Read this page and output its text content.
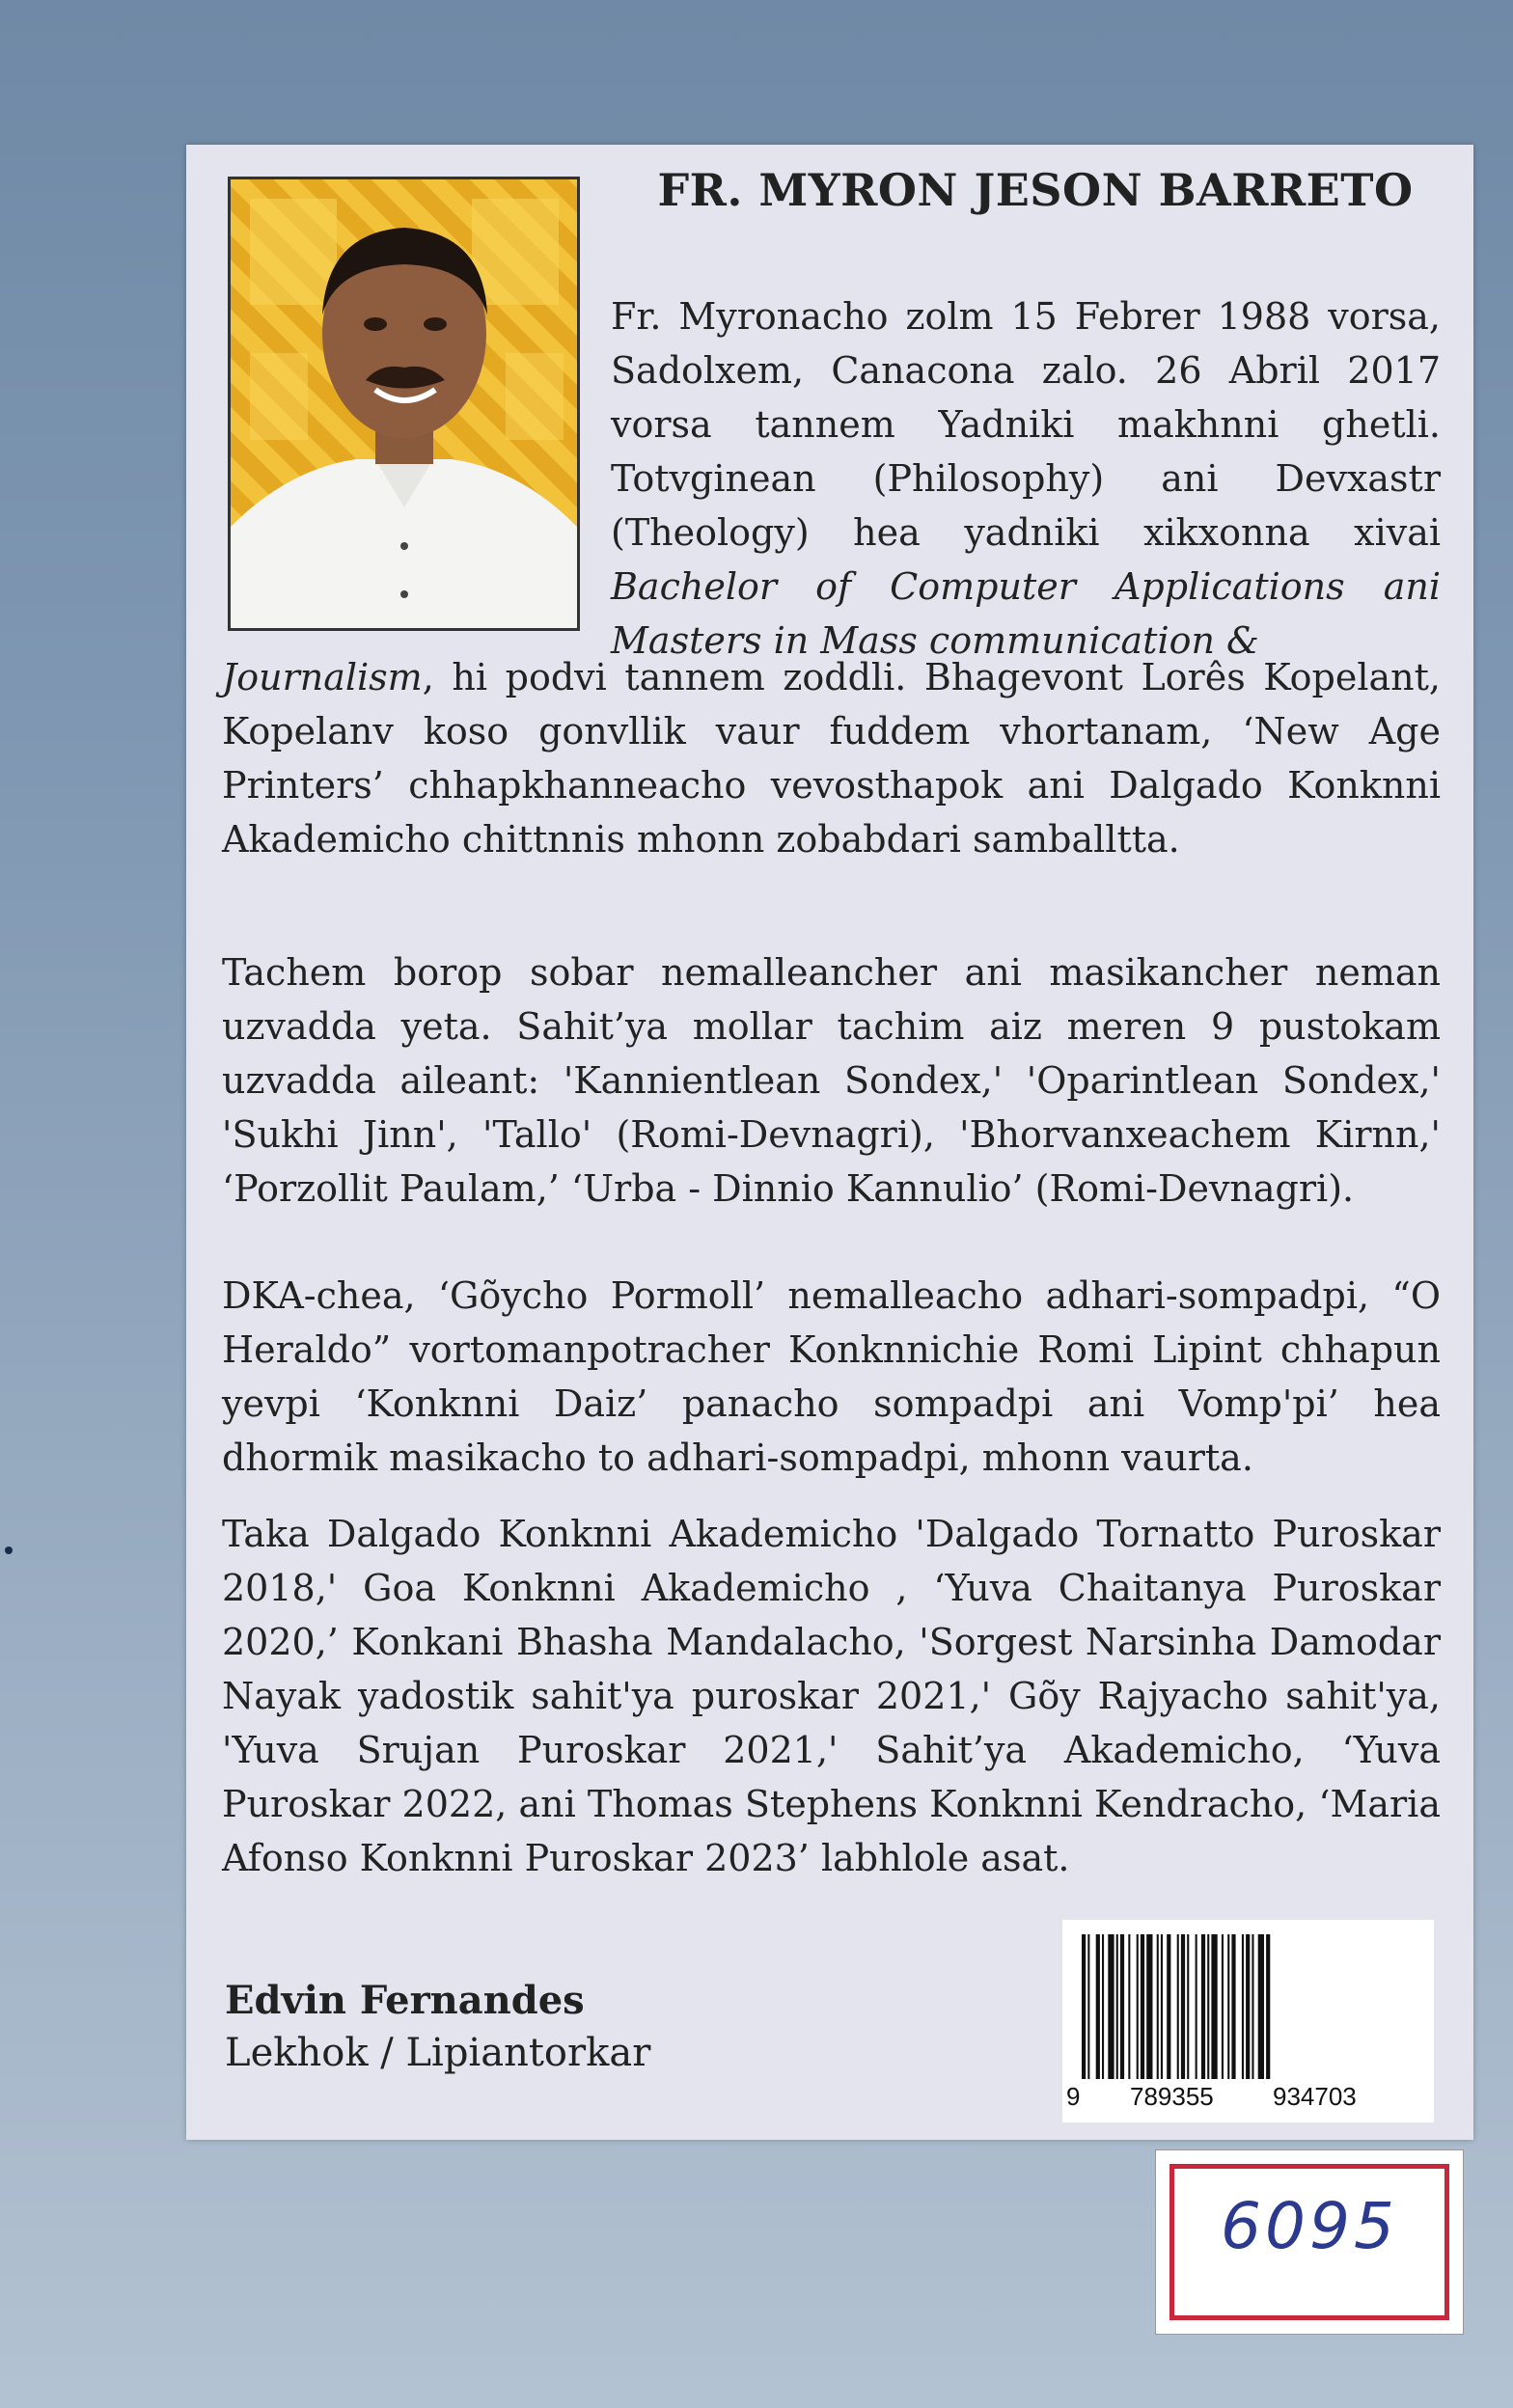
FR. MYRON JESON BARRETO

Fr. Myronacho zolm 15 Febrer 1988 vorsa, Sadolxem, Canacona zalo. 26 Abril 2017 vorsa tannem Yadniki makhnni ghetli. Totvginean (Philosophy) ani Devxastr (Theology) hea yadniki xikxonna xivai Bachelor of Computer Applications ani Masters in Mass communication &

Journalism, hi podvi tannem zoddli. Bhagevont Lorês Kopelant, Kopelanv koso gonvllik vaur fuddem vhortanam, ‘New Age Printers’ chhapkhanneacho vevosthapok ani Dalgado Konknni Akademicho chittnnis mhonn zobabdari samballtta.

Tachem borop sobar nemalleancher ani masikancher neman uzvadda yeta. Sahit’ya mollar tachim aiz meren 9 pustokam uzvadda aileant: 'Kannientlean Sondex,' 'Oparintlean Sondex,' 'Sukhi Jinn', 'Tallo' (Romi-Devnagri), 'Bhorvanxeachem Kirnn,' ‘Porzollit Paulam,’ ‘Urba - Dinnio Kannulio’ (Romi-Devnagri).

DKA-chea, ‘Gõycho Pormoll’ nemalleacho adhari-sompadpi, “O Heraldo” vortomanpotracher Konknnichie Romi Lipint chhapun yevpi ‘Konknni Daiz’ panacho sompadpi ani Vomp'pi’ hea dhormik masikacho to adhari-sompadpi, mhonn vaurta.

Taka Dalgado Konknni Akademicho 'Dalgado Tornatto Puroskar 2018,' Goa Konknni Akademicho , ‘Yuva Chaitanya Puroskar 2020,’ Konkani Bhasha Mandalacho, 'Sorgest Narsinha Damodar Nayak yadostik sahit'ya puroskar 2021,' Gõy Rajyacho sahit'ya, 'Yuva Srujan Puroskar 2021,' Sahit’ya Akademicho, ‘Yuva Puroskar 2022, ani Thomas Stephens Konknni Kendracho, ‘Maria Afonso Konknni Puroskar 2023’ labhlole asat.

Edvin Fernandes
Lekhok / Lipiantorkar
9 789355 934703
6095
